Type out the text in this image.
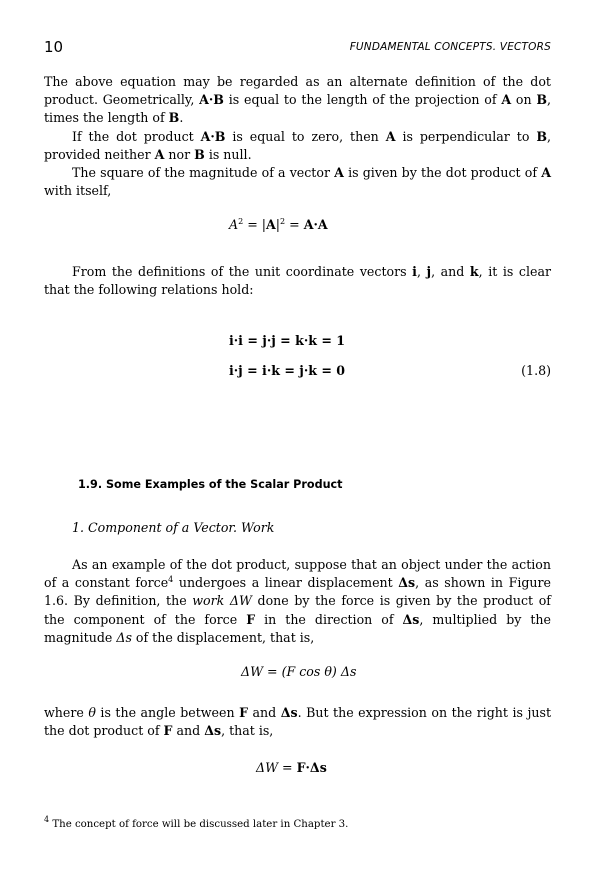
10	FUNDAMENTAL CONCEPTS. VECTORS

The above equation may be regarded as an alternate definition of the dot product. Geometrically, A·B is equal to the length of the projection of A on B, times the length of B.

If the dot product A·B is equal to zero, then A is perpendicular to B, provided neither A nor B is null.

The square of the magnitude of a vector A is given by the dot product of A with itself,

$A^2 = |A|^2 = A\cdot A$

From the definitions of the unit coordinate vectors i, j, and k, it is clear that the following relations hold:

i·i = j·j = k·k = 1
i·j = i·k = j·k = 0	(1.8)
1.9. Some Examples of the Scalar Product
1. Component of a Vector. Work

As an example of the dot product, suppose that an object under the action of a constant force$^4$ undergoes a linear displacement Δs, as shown in Figure 1.6. By definition, the work ΔW done by the force is given by the product of the component of the force F in the direction of Δs, multiplied by the magnitude Δs of the displacement, that is,

ΔW = (F cos θ) Δs

where θ is the angle between F and Δs. But the expression on the right is just the dot product of F and Δs, that is,

ΔW = F·Δs
$^4$ The concept of force will be discussed later in Chapter 3.
